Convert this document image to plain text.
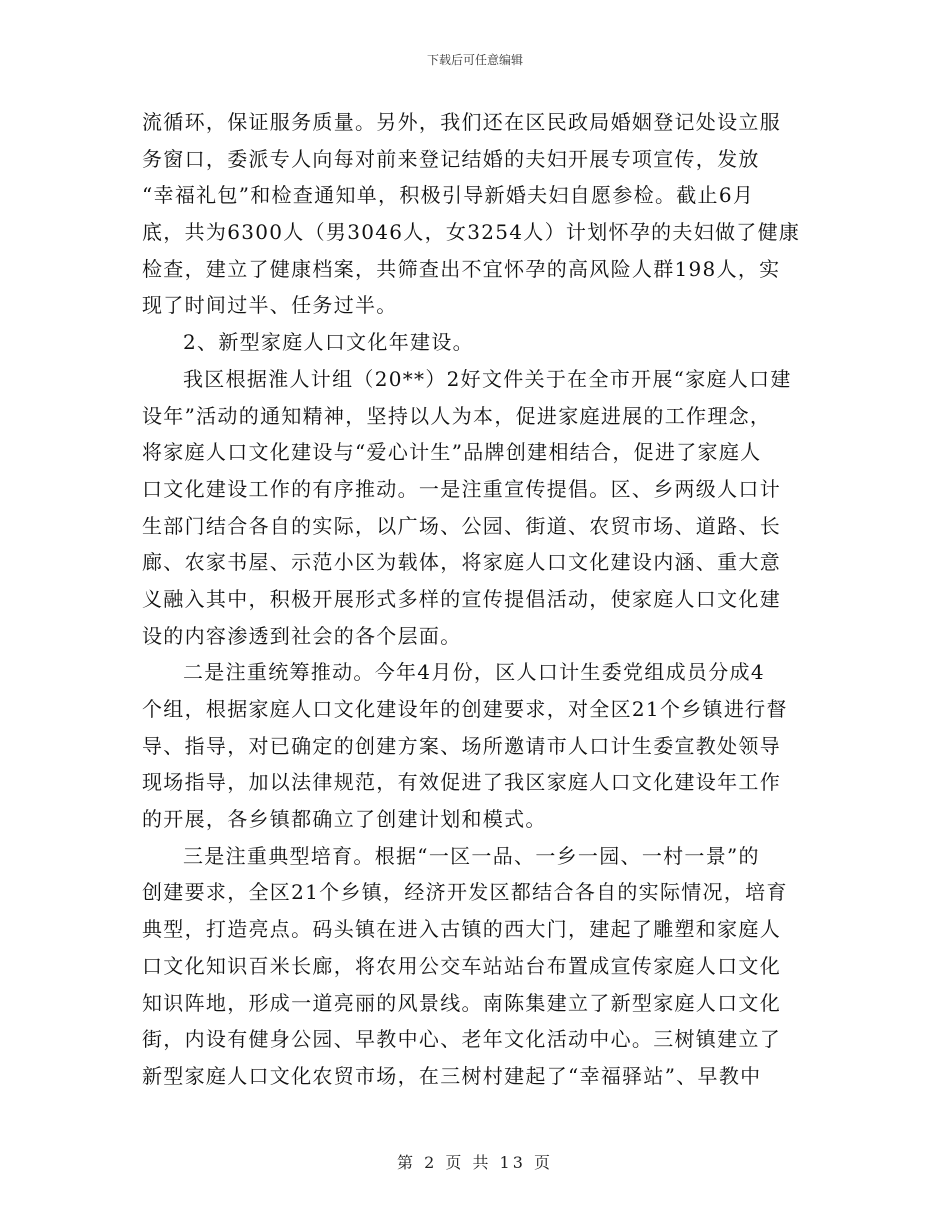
下载后可任意编辑
流循环，保证服务质量。另外，我们还在区民政局婚姻登记处设立服
务窗口，委派专人向每对前来登记结婚的夫妇开展专项宣传，发放
“幸福礼包”和检查通知单，积极引导新婚夫妇自愿参检。截止6月
底，共为6300人（男3046人，女3254人）计划怀孕的夫妇做了健康
检查，建立了健康档案，共筛查出不宜怀孕的高风险人群198人，实
现了时间过半、任务过半。
2、新型家庭人口文化年建设。
我区根据淮人计组（20**）2好文件关于在全市开展“家庭人口建
设年”活动的通知精神，坚持以人为本，促进家庭进展的工作理念，
将家庭人口文化建设与“爱心计生”品牌创建相结合，促进了家庭人
口文化建设工作的有序推动。一是注重宣传提倡。区、乡两级人口计
生部门结合各自的实际，以广场、公园、街道、农贸市场、道路、长
廊、农家书屋、示范小区为载体，将家庭人口文化建设内涵、重大意
义融入其中，积极开展形式多样的宣传提倡活动，使家庭人口文化建
设的内容渗透到社会的各个层面。
二是注重统筹推动。今年4月份，区人口计生委党组成员分成4
个组，根据家庭人口文化建设年的创建要求，对全区21个乡镇进行督
导、指导，对已确定的创建方案、场所邀请市人口计生委宣教处领导
现场指导，加以法律规范，有效促进了我区家庭人口文化建设年工作
的开展，各乡镇都确立了创建计划和模式。
三是注重典型培育。根据“一区一品、一乡一园、一村一景”的
创建要求，全区21个乡镇，经济开发区都结合各自的实际情况，培育
典型，打造亮点。码头镇在进入古镇的西大门，建起了雕塑和家庭人
口文化知识百米长廊，将农用公交车站站台布置成宣传家庭人口文化
知识阵地，形成一道亮丽的风景线。南陈集建立了新型家庭人口文化
街，内设有健身公园、早教中心、老年文化活动中心。三树镇建立了
新型家庭人口文化农贸市场，在三树村建起了“幸福驿站”、早教中
第 2 页 共 13 页
